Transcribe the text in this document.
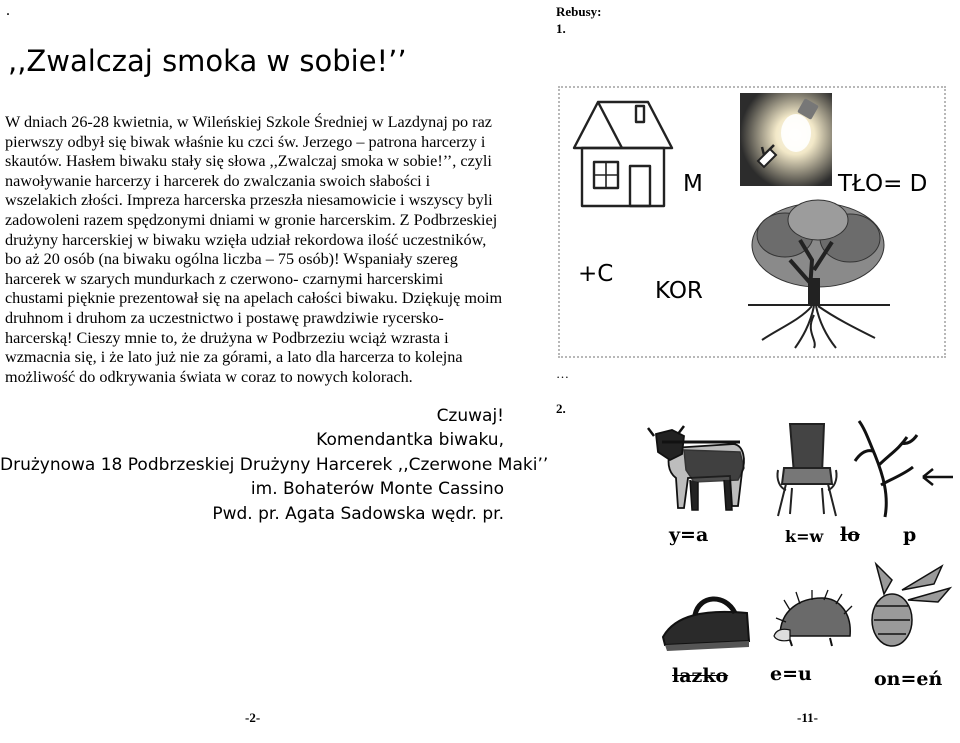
.
,,Zwalczaj smoka w sobie!’’

W dniach 26-28 kwietnia, w Wileńskiej Szkole Średniej w Lazdynaj po raz pierwszy odbył się biwak właśnie ku czci św. Jerzego – patrona harcerzy i skautów. Hasłem biwaku stały się słowa ,,Zwalczaj smoka w sobie!’’, czyli nawoływanie harcerzy i harcerek do zwalczania swoich słabości i wszelakich złości. Impreza harcerska przeszła niesamowicie i wszyscy byli zadowoleni razem spędzonymi dniami w gronie harcerskim. Z Podbrzeskiej drużyny harcerskiej w biwaku wzięła udział rekordowa ilość uczestników, bo aż 20 osób (na biwaku ogólna liczba – 75 osób)! Wspaniały szereg harcerek w szarych mundurkach z czerwono- czarnymi harcerskimi chustami pięknie prezentował się na apelach całości biwaku. Dziękuję moim druhnom i druhom za uczestnictwo i postawę prawdziwie rycersko-harcerską! Cieszy mnie to, że drużyna w Podbrzeziu wciąż wzrasta i wzmacnia się, i że lato już nie za górami, a lato dla harcerza to kolejna możliwość do odkrywania świata w coraz to nowych kolorach.

Czuwaj!
Komendantka biwaku,
Drużynowa 18 Podbrzeskiej Drużyny Harcerek ,,Czerwone Maki’’
im. Bohaterów Monte Cassino
Pwd. pr. Agata Sadowska wędr. pr.
-2-
Rebusy:
1.
M	TŁO= D
+C
KOR
…
2.
y=a	k=w lo p
lazko e=u	on=eń
-11-
